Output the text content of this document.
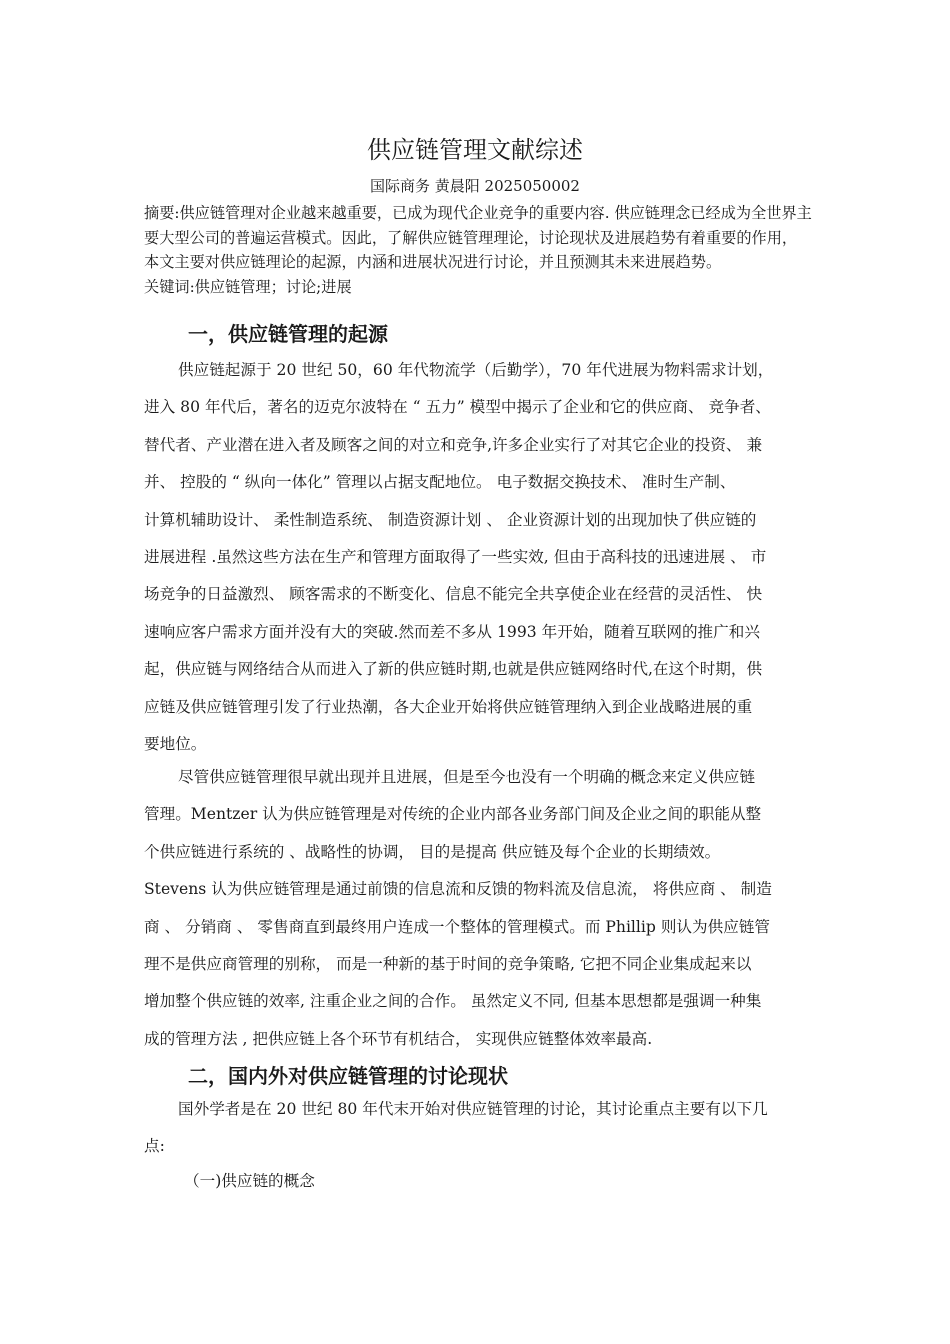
供应链管理文献综述
国际商务 黄晨阳 2025050002

摘要:供应链管理对企业越来越重要，已成为现代企业竞争的重要内容. 供应链理念已经成为全世界主要大型公司的普遍运营模式。因此，了解供应链管理理论，讨论现状及进展趋势有着重要的作用，本文主要对供应链理论的起源，内涵和进展状况进行讨论，并且预测其未来进展趋势。

关键词:供应链管理；讨论;进展

一，供应链管理的起源
供应链起源于 20 世纪 50，60 年代物流学（后勤学），70 年代进展为物料需求计划，
进入 80 年代后，著名的迈克尔波特在 “ 五力” 模型中揭示了企业和它的供应商、 竞争者、
替代者、产业潜在进入者及顾客之间的对立和竞争,许多企业实行了对其它企业的投资、 兼
并、 控股的 “ 纵向一体化” 管理以占据支配地位。 电子数据交换技术、 准时生产制、
计算机辅助设计、 柔性制造系统、 制造资源计划 、 企业资源计划的出现加快了供应链的
进展进程 .虽然这些方法在生产和管理方面取得了一些实效, 但由于高科技的迅速进展 、 市
场竞争的日益激烈、 顾客需求的不断变化、信息不能完全共享使企业在经营的灵活性、 快
速响应客户需求方面并没有大的突破.然而差不多从 1993 年开始，随着互联网的推广和兴
起，供应链与网络结合从而进入了新的供应链时期,也就是供应链网络时代,在这个时期，供
应链及供应链管理引发了行业热潮，各大企业开始将供应链管理纳入到企业战略进展的重
要地位。
尽管供应链管理很早就出现并且进展，但是至今也没有一个明确的概念来定义供应链
管理。Mentzer 认为供应链管理是对传统的企业内部各业务部门间及企业之间的职能从整
个供应链进行系统的 、战略性的协调， 目的是提高 供应链及每个企业的长期绩效。
Stevens 认为供应链管理是通过前馈的信息流和反馈的物料流及信息流， 将供应商 、 制造
商 、 分销商 、 零售商直到最终用户连成一个整体的管理模式。而 Phillip 则认为供应链管
理不是供应商管理的别称， 而是一种新的基于时间的竞争策略, 它把不同企业集成起来以
增加整个供应链的效率, 注重企业之间的合作。 虽然定义不同, 但基本思想都是强调一种集
成的管理方法 , 把供应链上各个环节有机结合， 实现供应链整体效率最高.
二，国内外对供应链管理的讨论现状
国外学者是在 20 世纪 80 年代末开始对供应链管理的讨论，其讨论重点主要有以下几
点:
（一)供应链的概念
